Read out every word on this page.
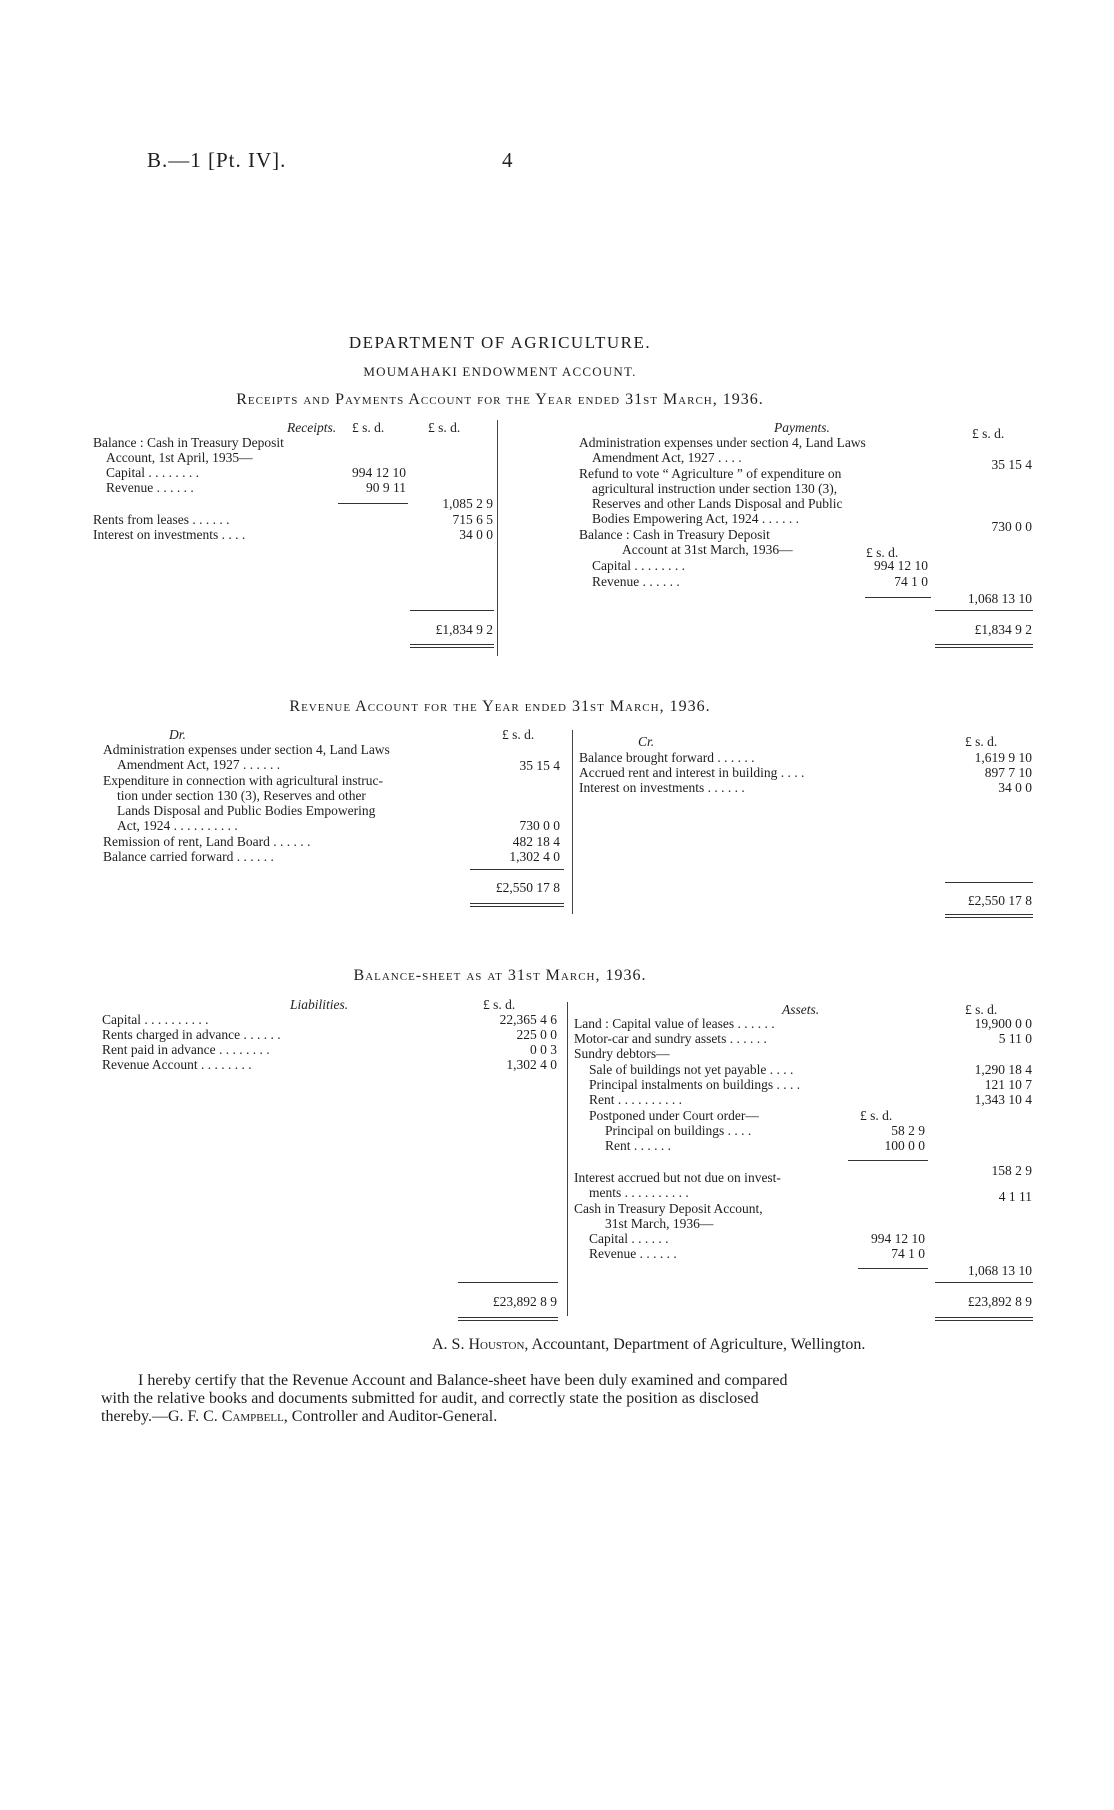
B.—1 [Pt. IV].	4
DEPARTMENT OF AGRICULTURE.
MOUMAHAKI ENDOWMENT ACCOUNT.
Receipts and Payments Account for the Year ended 31st March, 1936.
Receipts. £ s. d.	£ s. d.
Balance : Cash in Treasury Deposit
Account, 1st April, 1935—
Capital . . . . . . . .	994 12 10
Revenue . . . . . .	90 9 11
1,085 2 9
Rents from leases . . . . . .	715 6 5
Interest on investments . . . .	34 0 0
£1,834 9 2
Payments.	£ s. d.
Administration expenses under section 4, Land Laws
Amendment Act, 1927 . . . .	35 15 4
Refund to vote “ Agriculture ” of expenditure on
agricultural instruction under section 130 (3),
Reserves and other Lands Disposal and Public
Bodies Empowering Act, 1924 . . . . . .
730 0 0
Balance : Cash in Treasury Deposit
Account at 31st March, 1936—	£ s. d.
Capital . . . . . . . .	994 12 10
Revenue . . . . . .	74 1 0
1,068 13 10
£1,834 9 2
Revenue Account for the Year ended 31st March, 1936.
Dr.	£ s. d.
Administration expenses under section 4, Land Laws
Amendment Act, 1927 . . . . . .	35 15 4
Expenditure in connection with agricultural instruc-
tion under section 130 (3), Reserves and other
Lands Disposal and Public Bodies Empowering
Act, 1924 . . . . . . . . . .	730 0 0
Remission of rent, Land Board . . . . . .	482 18 4
Balance carried forward . . . . . .	1,302 4 0
£2,550 17 8
Cr.	£ s. d.
Balance brought forward . . . . . .	1,619 9 10
Accrued rent and interest in building . . . .	897 7 10
Interest on investments . . . . . .	34 0 0
£2,550 17 8
Balance-sheet as at 31st March, 1936.
Liabilities.	£ s. d.
Capital . . . . . . . . . .	22,365 4 6
Rents charged in advance . . . . . .	225 0 0
Rent paid in advance . . . . . . . .	0 0 3
Revenue Account . . . . . . . .	1,302 4 0
£23,892 8 9
Assets.	£ s. d.
Land : Capital value of leases . . . . . .	19,900 0 0
Motor-car and sundry assets . . . . . .	5 11 0
Sundry debtors—
Sale of buildings not yet payable . . . .	1,290 18 4
Principal instalments on buildings . . . .	121 10 7
Rent . . . . . . . . . .	1,343 10 4
Postponed under Court order—	£ s. d.
Principal on buildings . . . .	58 2 9
Rent . . . . . .	100 0 0
158 2 9
Interest accrued but not due on invest-
ments . . . . . . . . . .	4 1 11
Cash in Treasury Deposit Account,
31st March, 1936—
Capital . . . . . .	994 12 10
Revenue . . . . . .	74 1 0
1,068 13 10
£23,892 8 9
A. S. Houston, Accountant, Department of Agriculture, Wellington.
I hereby certify that the Revenue Account and Balance-sheet have been duly examined and compared
with the relative books and documents submitted for audit, and correctly state the position as disclosed
thereby.—G. F. C. Campbell, Controller and Auditor-General.
